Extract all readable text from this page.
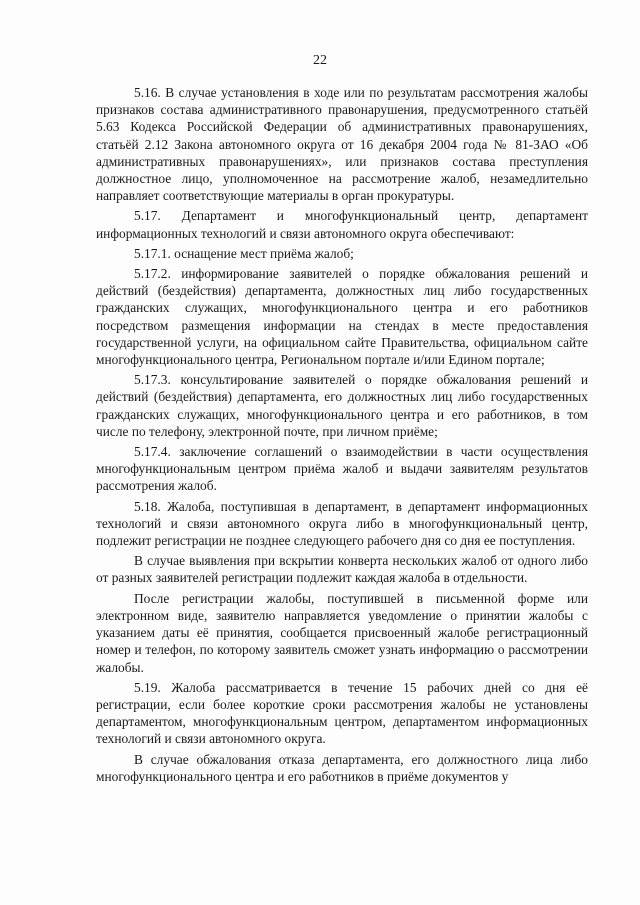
22

5.16. В случае установления в ходе или по результатам рассмотрения жалобы признаков состава административного правонарушения, предусмотренного статьёй 5.63 Кодекса Российской Федерации об административных правонарушениях, статьёй 2.12 Закона автономного округа от 16 декабря 2004 года № 81-ЗАО «Об административных правонарушениях», или признаков состава преступления должностное лицо, уполномоченное на рассмотрение жалоб, незамедлительно направляет соответствующие материалы в орган прокуратуры.

5.17. Департамент и многофункциональный центр, департамент информационных технологий и связи автономного округа обеспечивают:

5.17.1. оснащение мест приёма жалоб;

5.17.2. информирование заявителей о порядке обжалования решений и действий (бездействия) департамента, должностных лиц либо государственных гражданских служащих, многофункционального центра и его работников посредством размещения информации на стендах в месте предоставления государственной услуги, на официальном сайте Правительства, официальном сайте многофункционального центра, Региональном портале и/или Едином портале;

5.17.3. консультирование заявителей о порядке обжалования решений и действий (бездействия) департамента, его должностных лиц либо государственных гражданских служащих, многофункционального центра и его работников, в том числе по телефону, электронной почте, при личном приёме;

5.17.4. заключение соглашений о взаимодействии в части осуществления многофункциональным центром приёма жалоб и выдачи заявителям результатов рассмотрения жалоб.

5.18. Жалоба, поступившая в департамент, в департамент информационных технологий и связи автономного округа либо в многофункциональный центр, подлежит регистрации не позднее следующего рабочего дня со дня ее поступления.

В случае выявления при вскрытии конверта нескольких жалоб от одного либо от разных заявителей регистрации подлежит каждая жалоба в отдельности.

После регистрации жалобы, поступившей в письменной форме или электронном виде, заявителю направляется уведомление о принятии жалобы с указанием даты её принятия, сообщается присвоенный жалобе регистрационный номер и телефон, по которому заявитель сможет узнать информацию о рассмотрении жалобы.

5.19. Жалоба рассматривается в течение 15 рабочих дней со дня её регистрации, если более короткие сроки рассмотрения жалобы не установлены департаментом, многофункциональным центром, департаментом информационных технологий и связи автономного округа.

В случае обжалования отказа департамента, его должностного лица либо многофункционального центра и его работников в приёме документов у
